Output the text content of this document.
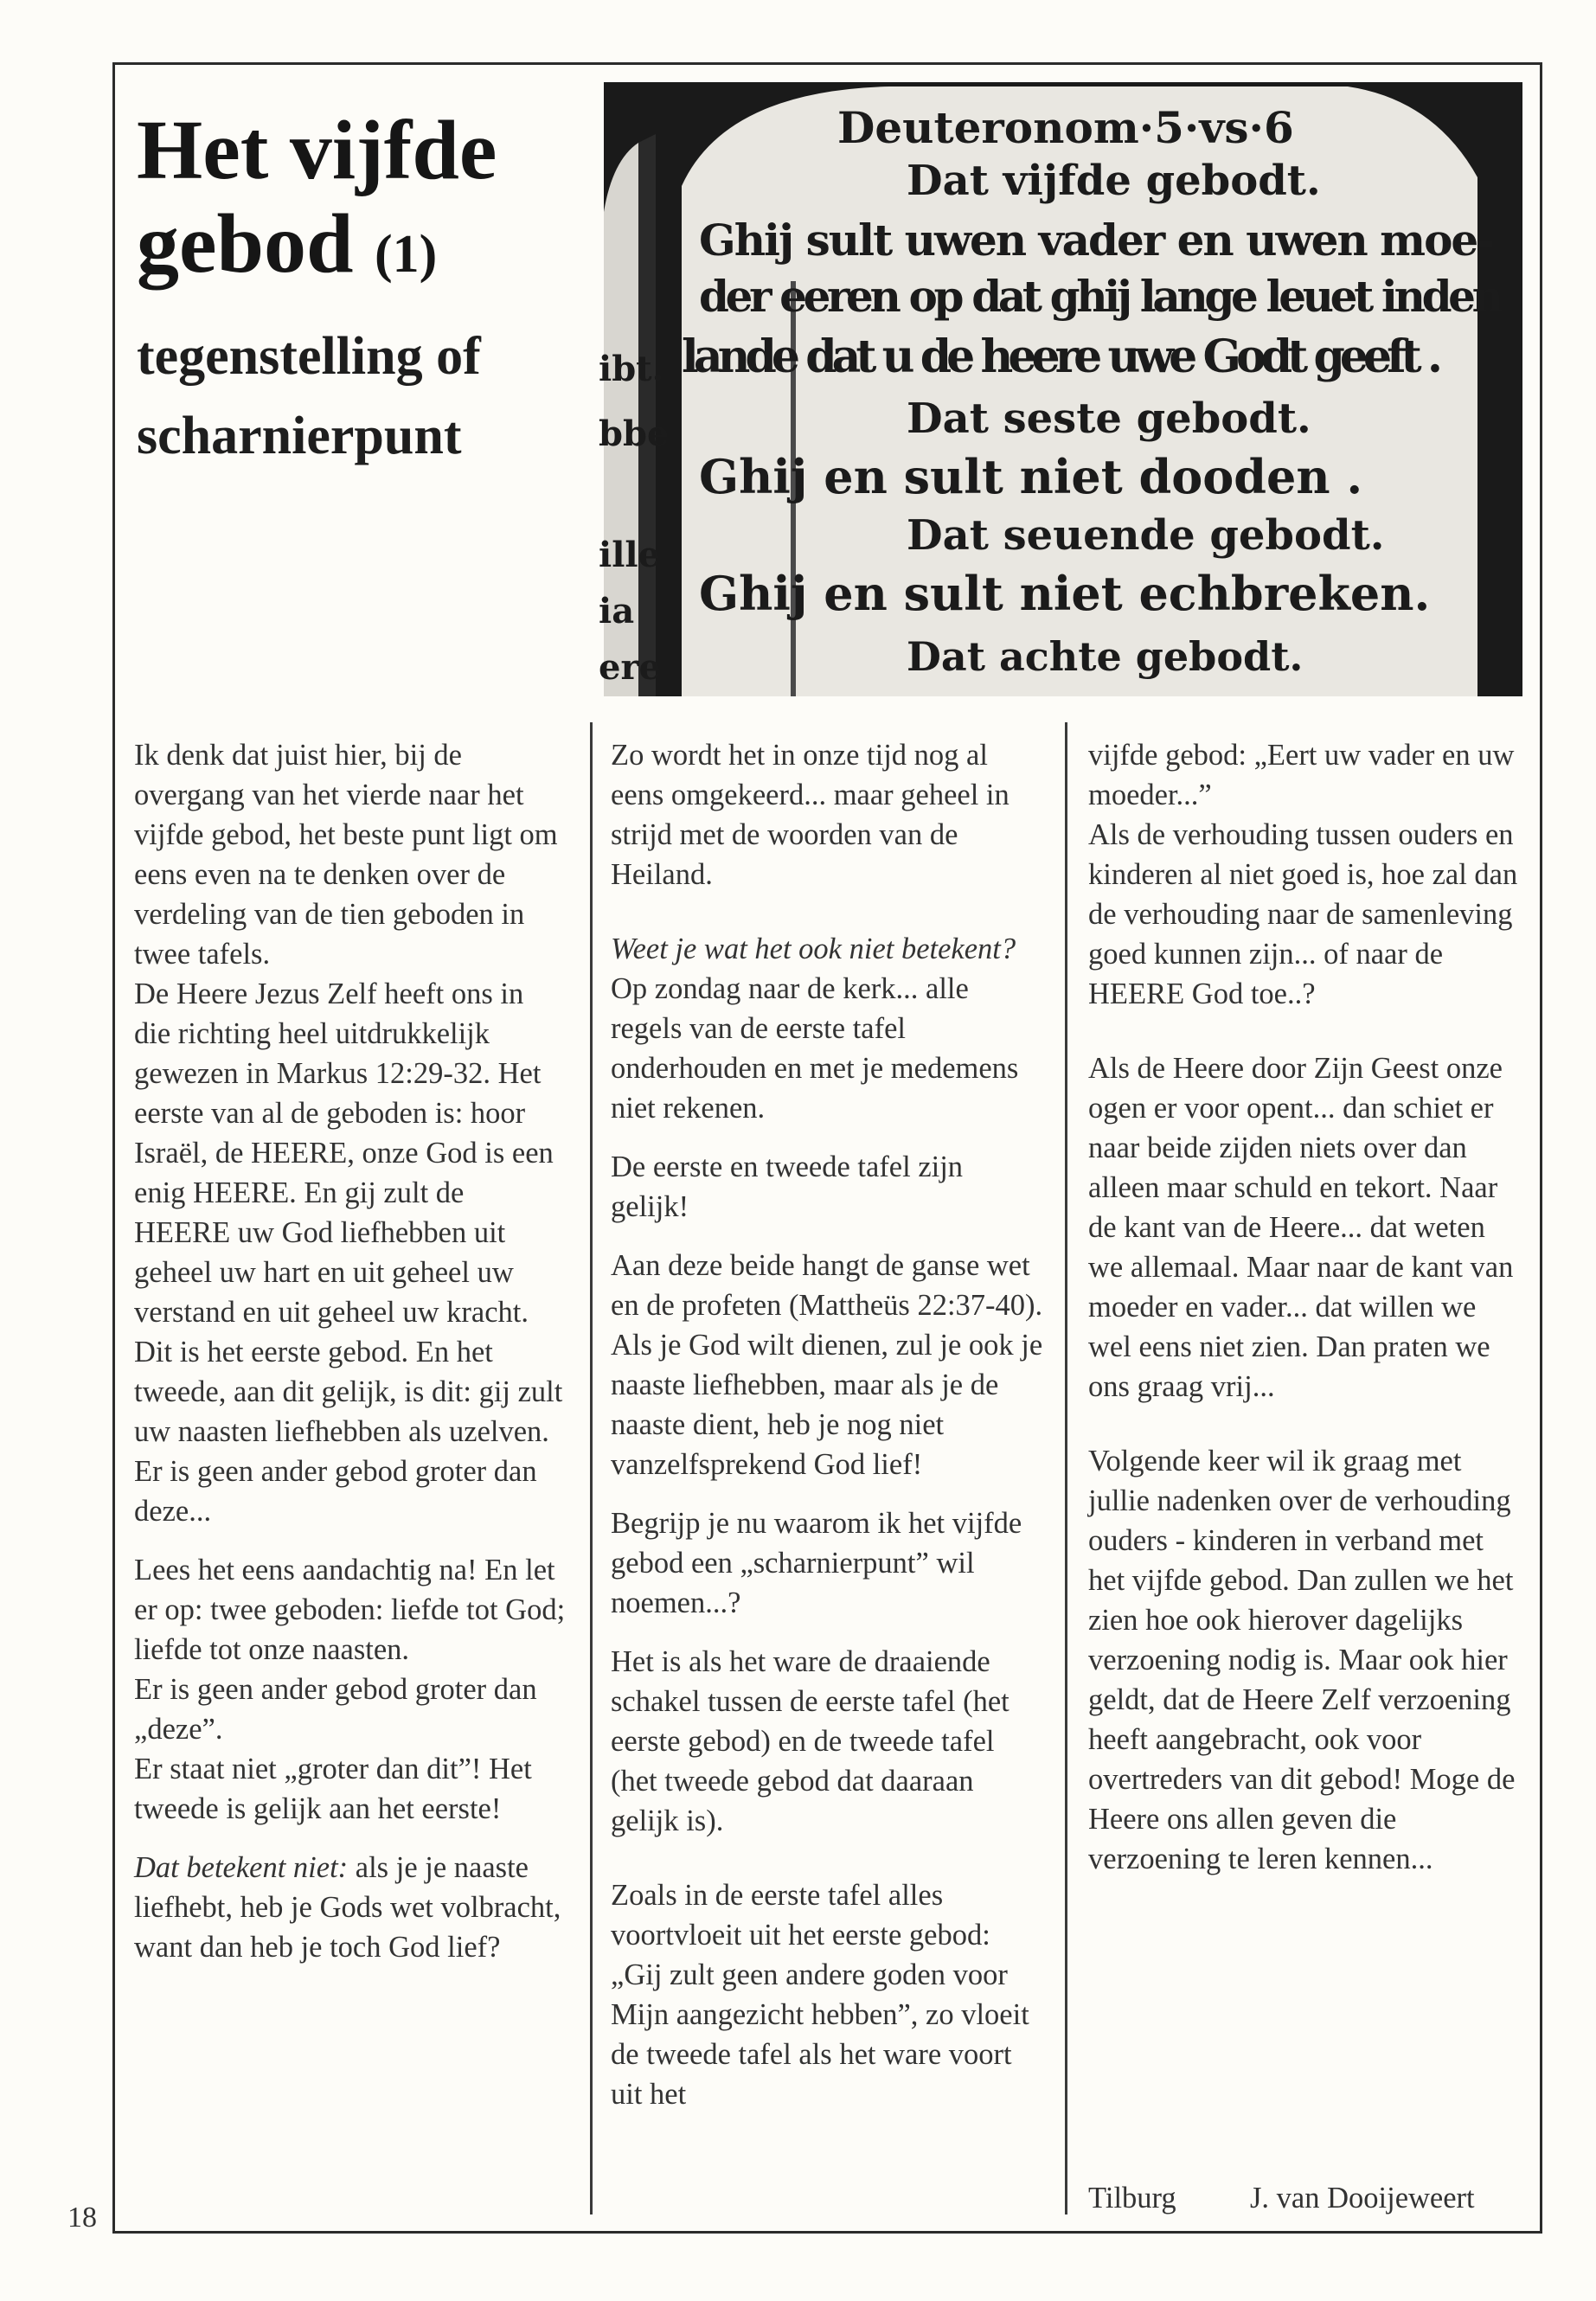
Het vijfde
gebod (1)
tegenstelling of
scharnierpunt
Deuteronom·5·vs·6
Dat vijfde gebodt.
Ghij sult uwen vader en uwen moe-
der eeren op dat ghij lange leuet inden
lande dat u de heere uwe Godt geeft .
Dat seste gebodt.
Ghij en sult niet dooden .
Dat seuende gebodt.
Ghij en sult niet echbreken.
Dat achte gebodt.
ibt.
bbe
ille
ia
ere

Ik denk dat juist hier, bij de overgang van het vierde naar het vijfde gebod, het beste punt ligt om eens even na te denken over de verdeling van de tien geboden in twee tafels.

De Heere Jezus Zelf heeft ons in die richting heel uitdrukkelijk gewezen in Markus 12:29-32. Het eerste van al de geboden is: hoor Israël, de HEERE, onze God is een enig HEERE. En gij zult de HEERE uw God liefhebben uit geheel uw hart en uit geheel uw verstand en uit geheel uw kracht. Dit is het eerste gebod. En het tweede, aan dit gelijk, is dit: gij zult uw naasten liefhebben als uzelven. Er is geen ander gebod groter dan deze...

Lees het eens aandachtig na! En let er op: twee geboden: liefde tot God; liefde tot onze naasten.

Er is geen ander gebod groter dan „deze”.

Er staat niet „groter dan dit”! Het tweede is gelijk aan het eerste!

Dat betekent niet: als je je naaste liefhebt, heb je Gods wet volbracht, want dan heb je toch God lief?

Zo wordt het in onze tijd nog al eens omgekeerd... maar geheel in strijd met de woorden van de Heiland.

Weet je wat het ook niet betekent? Op zondag naar de kerk... alle regels van de eerste tafel onderhouden en met je medemens niet rekenen.

De eerste en tweede tafel zijn gelijk!

Aan deze beide hangt de ganse wet en de profeten (Mattheüs 22:37-40). Als je God wilt dienen, zul je ook je naaste liefhebben, maar als je de naaste dient, heb je nog niet vanzelfsprekend God lief!

Begrijp je nu waarom ik het vijfde gebod een „scharnierpunt” wil noemen...?

Het is als het ware de draaiende schakel tussen de eerste tafel (het eerste gebod) en de tweede tafel (het tweede gebod dat daaraan gelijk is).

Zoals in de eerste tafel alles voortvloeit uit het eerste gebod: „Gij zult geen andere goden voor Mijn aangezicht hebben”, zo vloeit de tweede tafel als het ware voort uit het

vijfde gebod: „Eert uw vader en uw moeder...”

Als de verhouding tussen ouders en kinderen al niet goed is, hoe zal dan de verhouding naar de samenleving goed kunnen zijn... of naar de HEERE God toe..?

Als de Heere door Zijn Geest onze ogen er voor opent... dan schiet er naar beide zijden niets over dan alleen maar schuld en tekort. Naar de kant van de Heere... dat weten we allemaal. Maar naar de kant van moeder en vader... dat willen we wel eens niet zien. Dan praten we ons graag vrij...

Volgende keer wil ik graag met jullie nadenken over de verhouding ouders - kinderen in verband met het vijfde gebod. Dan zullen we het zien hoe ook hierover dagelijks verzoening nodig is. Maar ook hier geldt, dat de Heere Zelf verzoening heeft aangebracht, ook voor overtreders van dit gebod! Moge de Heere ons allen geven die verzoening te leren kennen...

Tilburg J. van Dooijeweert
18
